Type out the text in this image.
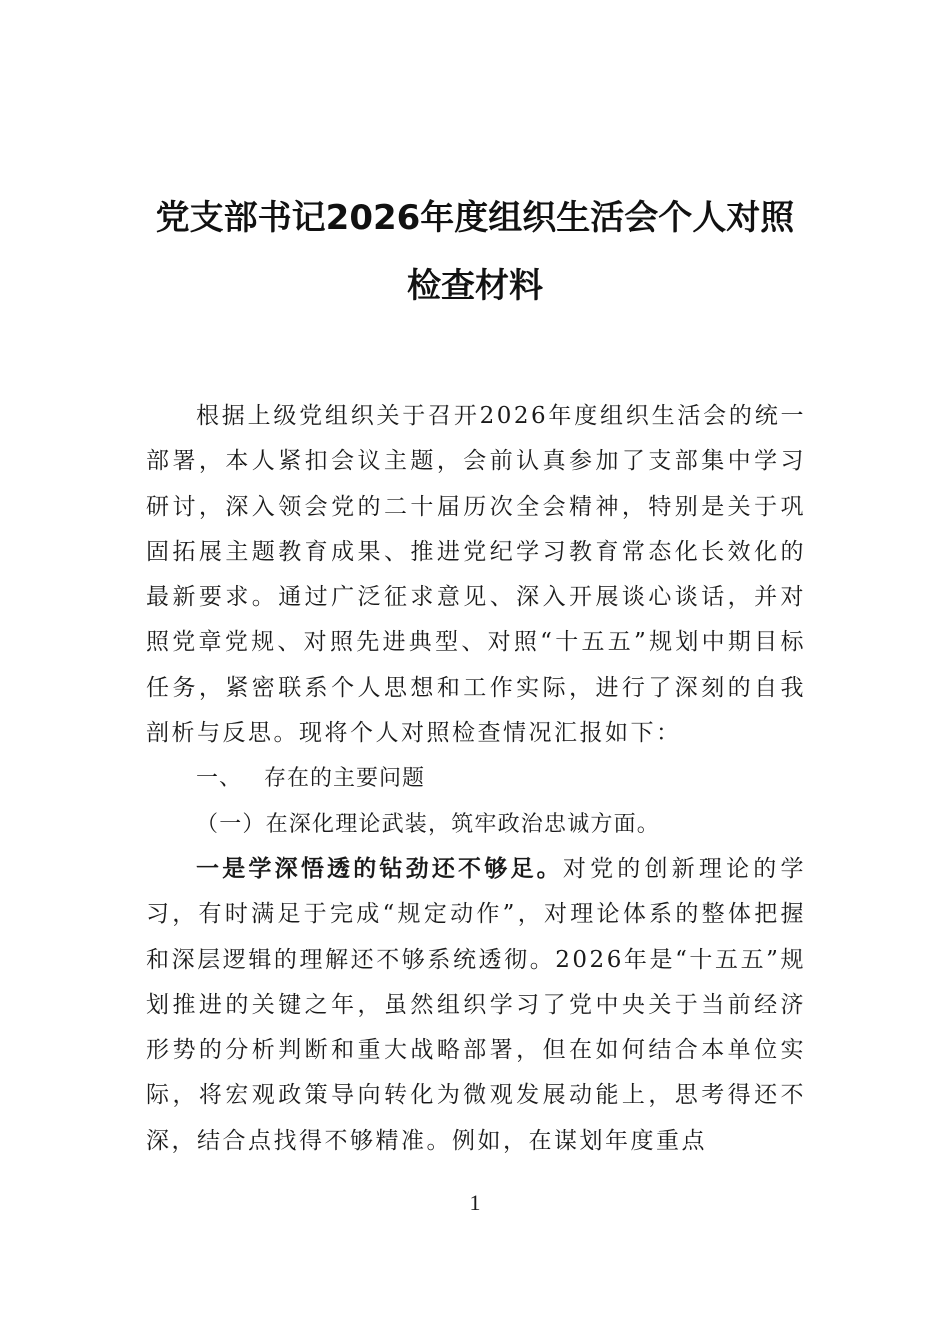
党支部书记2026年度组织生活会个人对照
检查材料

根据上级党组织关于召开2026年度组织生活会的统一部署，本人紧扣会议主题，会前认真参加了支部集中学习研讨，深入领会党的二十届历次全会精神，特别是关于巩固拓展主题教育成果、推进党纪学习教育常态化长效化的最新要求。通过广泛征求意见、深入开展谈心谈话，并对照党章党规、对照先进典型、对照“十五五”规划中期目标任务，紧密联系个人思想和工作实际，进行了深刻的自我剖析与反思。现将个人对照检查情况汇报如下：

一、 存在的主要问题

（一）在深化理论武装，筑牢政治忠诚方面。

一是学深悟透的钻劲还不够足。对党的创新理论的学习，有时满足于完成“规定动作”，对理论体系的整体把握和深层逻辑的理解还不够系统透彻。2026年是“十五五”规划推进的关键之年，虽然组织学习了党中央关于当前经济形势的分析判断和重大战略部署，但在如何结合本单位实际，将宏观政策导向转化为微观发展动能上，思考得还不深，结合点找得不够精准。例如，在谋划年度重点

1
